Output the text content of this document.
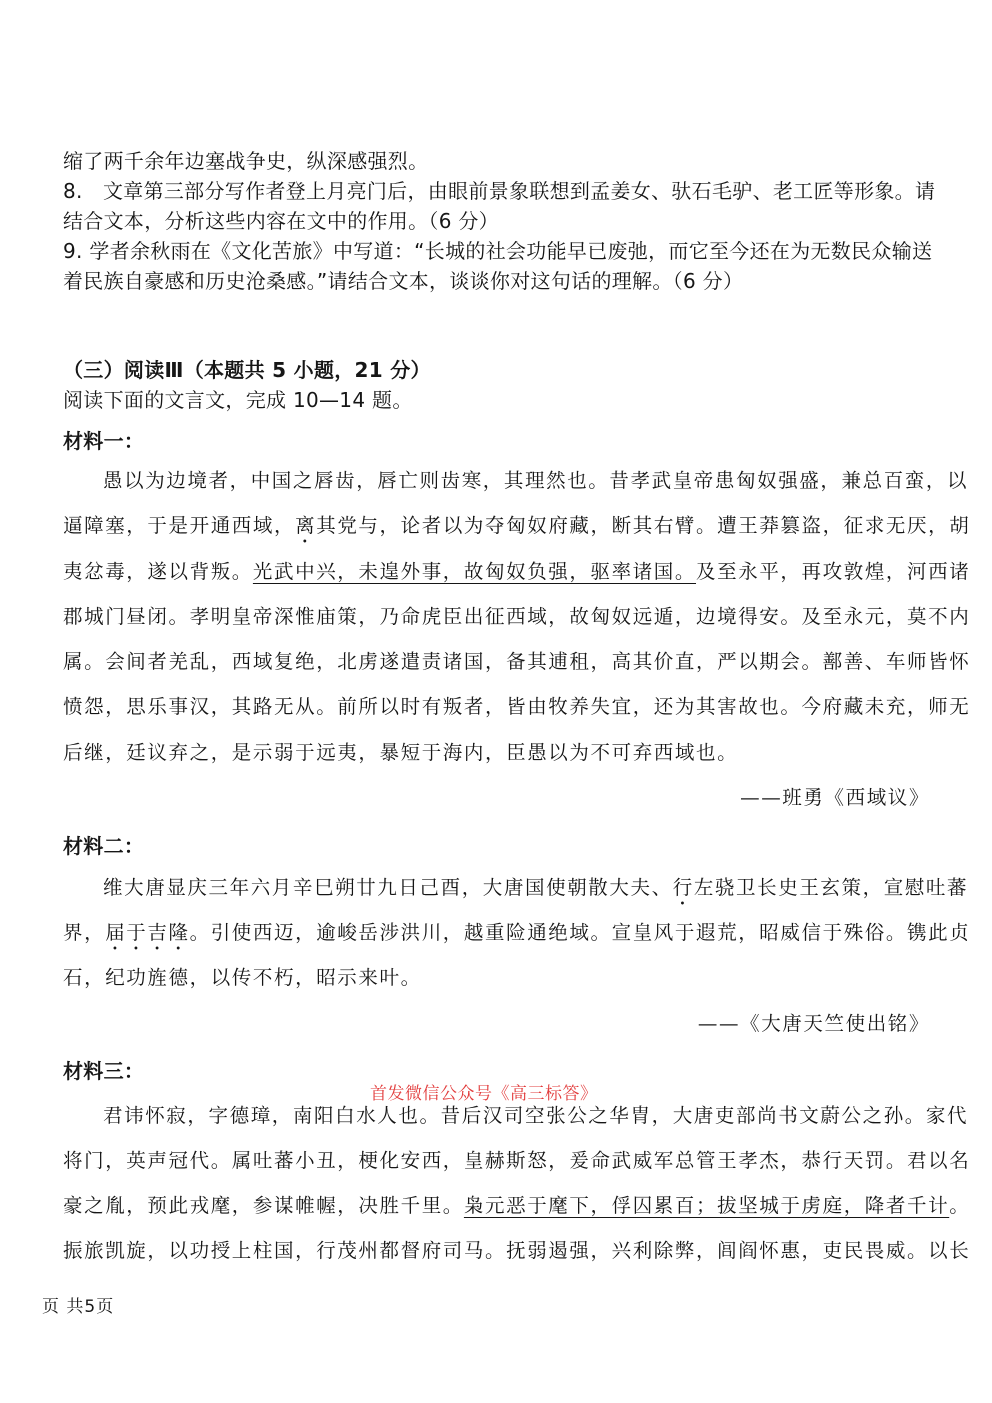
缩了两千余年边塞战争史，纵深感强烈。
8.　文章第三部分写作者登上月亮门后，由眼前景象联想到孟姜女、驮石毛驴、老工匠等形象。请
结合文本，分析这些内容在文中的作用。（6 分）
9. 学者余秋雨在《文化苦旅》中写道：“长城的社会功能早已废弛，而它至今还在为无数民众输送
着民族自豪感和历史沧桑感。”请结合文本，谈谈你对这句话的理解。（6 分）
（三）阅读Ⅲ（本题共 5 小题，21 分）
阅读下面的文言文，完成 10—14 题。
材料一：
愚以为边境者，中国之唇齿，唇亡则齿寒，其理然也。昔孝武皇帝患匈奴强盛，兼总百蛮，以
逼障塞，于是开通西域，离其党与，论者以为夺匈奴府藏，断其右臂。遭王莽篡盗，征求无厌，胡
夷忿毒，遂以背叛。光武中兴，未遑外事，故匈奴负强，驱率诸国。及至永平，再攻敦煌，河西诸
郡城门昼闭。孝明皇帝深惟庙策，乃命虎臣出征西域，故匈奴远遁，边境得安。及至永元，莫不内
属。会间者羌乱，西域复绝，北虏遂遣责诸国，备其逋租，高其价直，严以期会。鄯善、车师皆怀
愤怨，思乐事汉，其路无从。前所以时有叛者，皆由牧养失宜，还为其害故也。今府藏未充，师无
后继，廷议弃之，是示弱于远夷，暴短于海内，臣愚以为不可弃西域也。
——班勇《西域议》
材料二：
维大唐显庆三年六月辛巳朔廿九日己酉，大唐国使朝散大夫、行左骁卫长史王玄策，宣慰吐蕃
界，届于吉隆。引使西迈，逾峻岳涉洪川，越重险通绝域。宣皇风于遐荒，昭威信于殊俗。镌此贞
石，纪功旌德，以传不朽，昭示来叶。
——《大唐天竺使出铭》
材料三：
首发微信公众号《高三标答》
君讳怀寂，字德璋，南阳白水人也。昔后汉司空张公之华胄，大唐吏部尚书文蔚公之孙。家代
将门，英声冠代。属吐蕃小丑，梗化安西，皇赫斯怒，爰命武威军总管王孝杰，恭行天罚。君以名
豪之胤，预此戎麾，参谋帷幄，决胜千里。枭元恶于麾下，俘囚累百；拔坚城于虏庭，降者千计。
振旅凯旋，以功授上柱国，行茂州都督府司马。抚弱遏强，兴利除弊，闾阎怀惠，吏民畏威。以长
页 共5页
